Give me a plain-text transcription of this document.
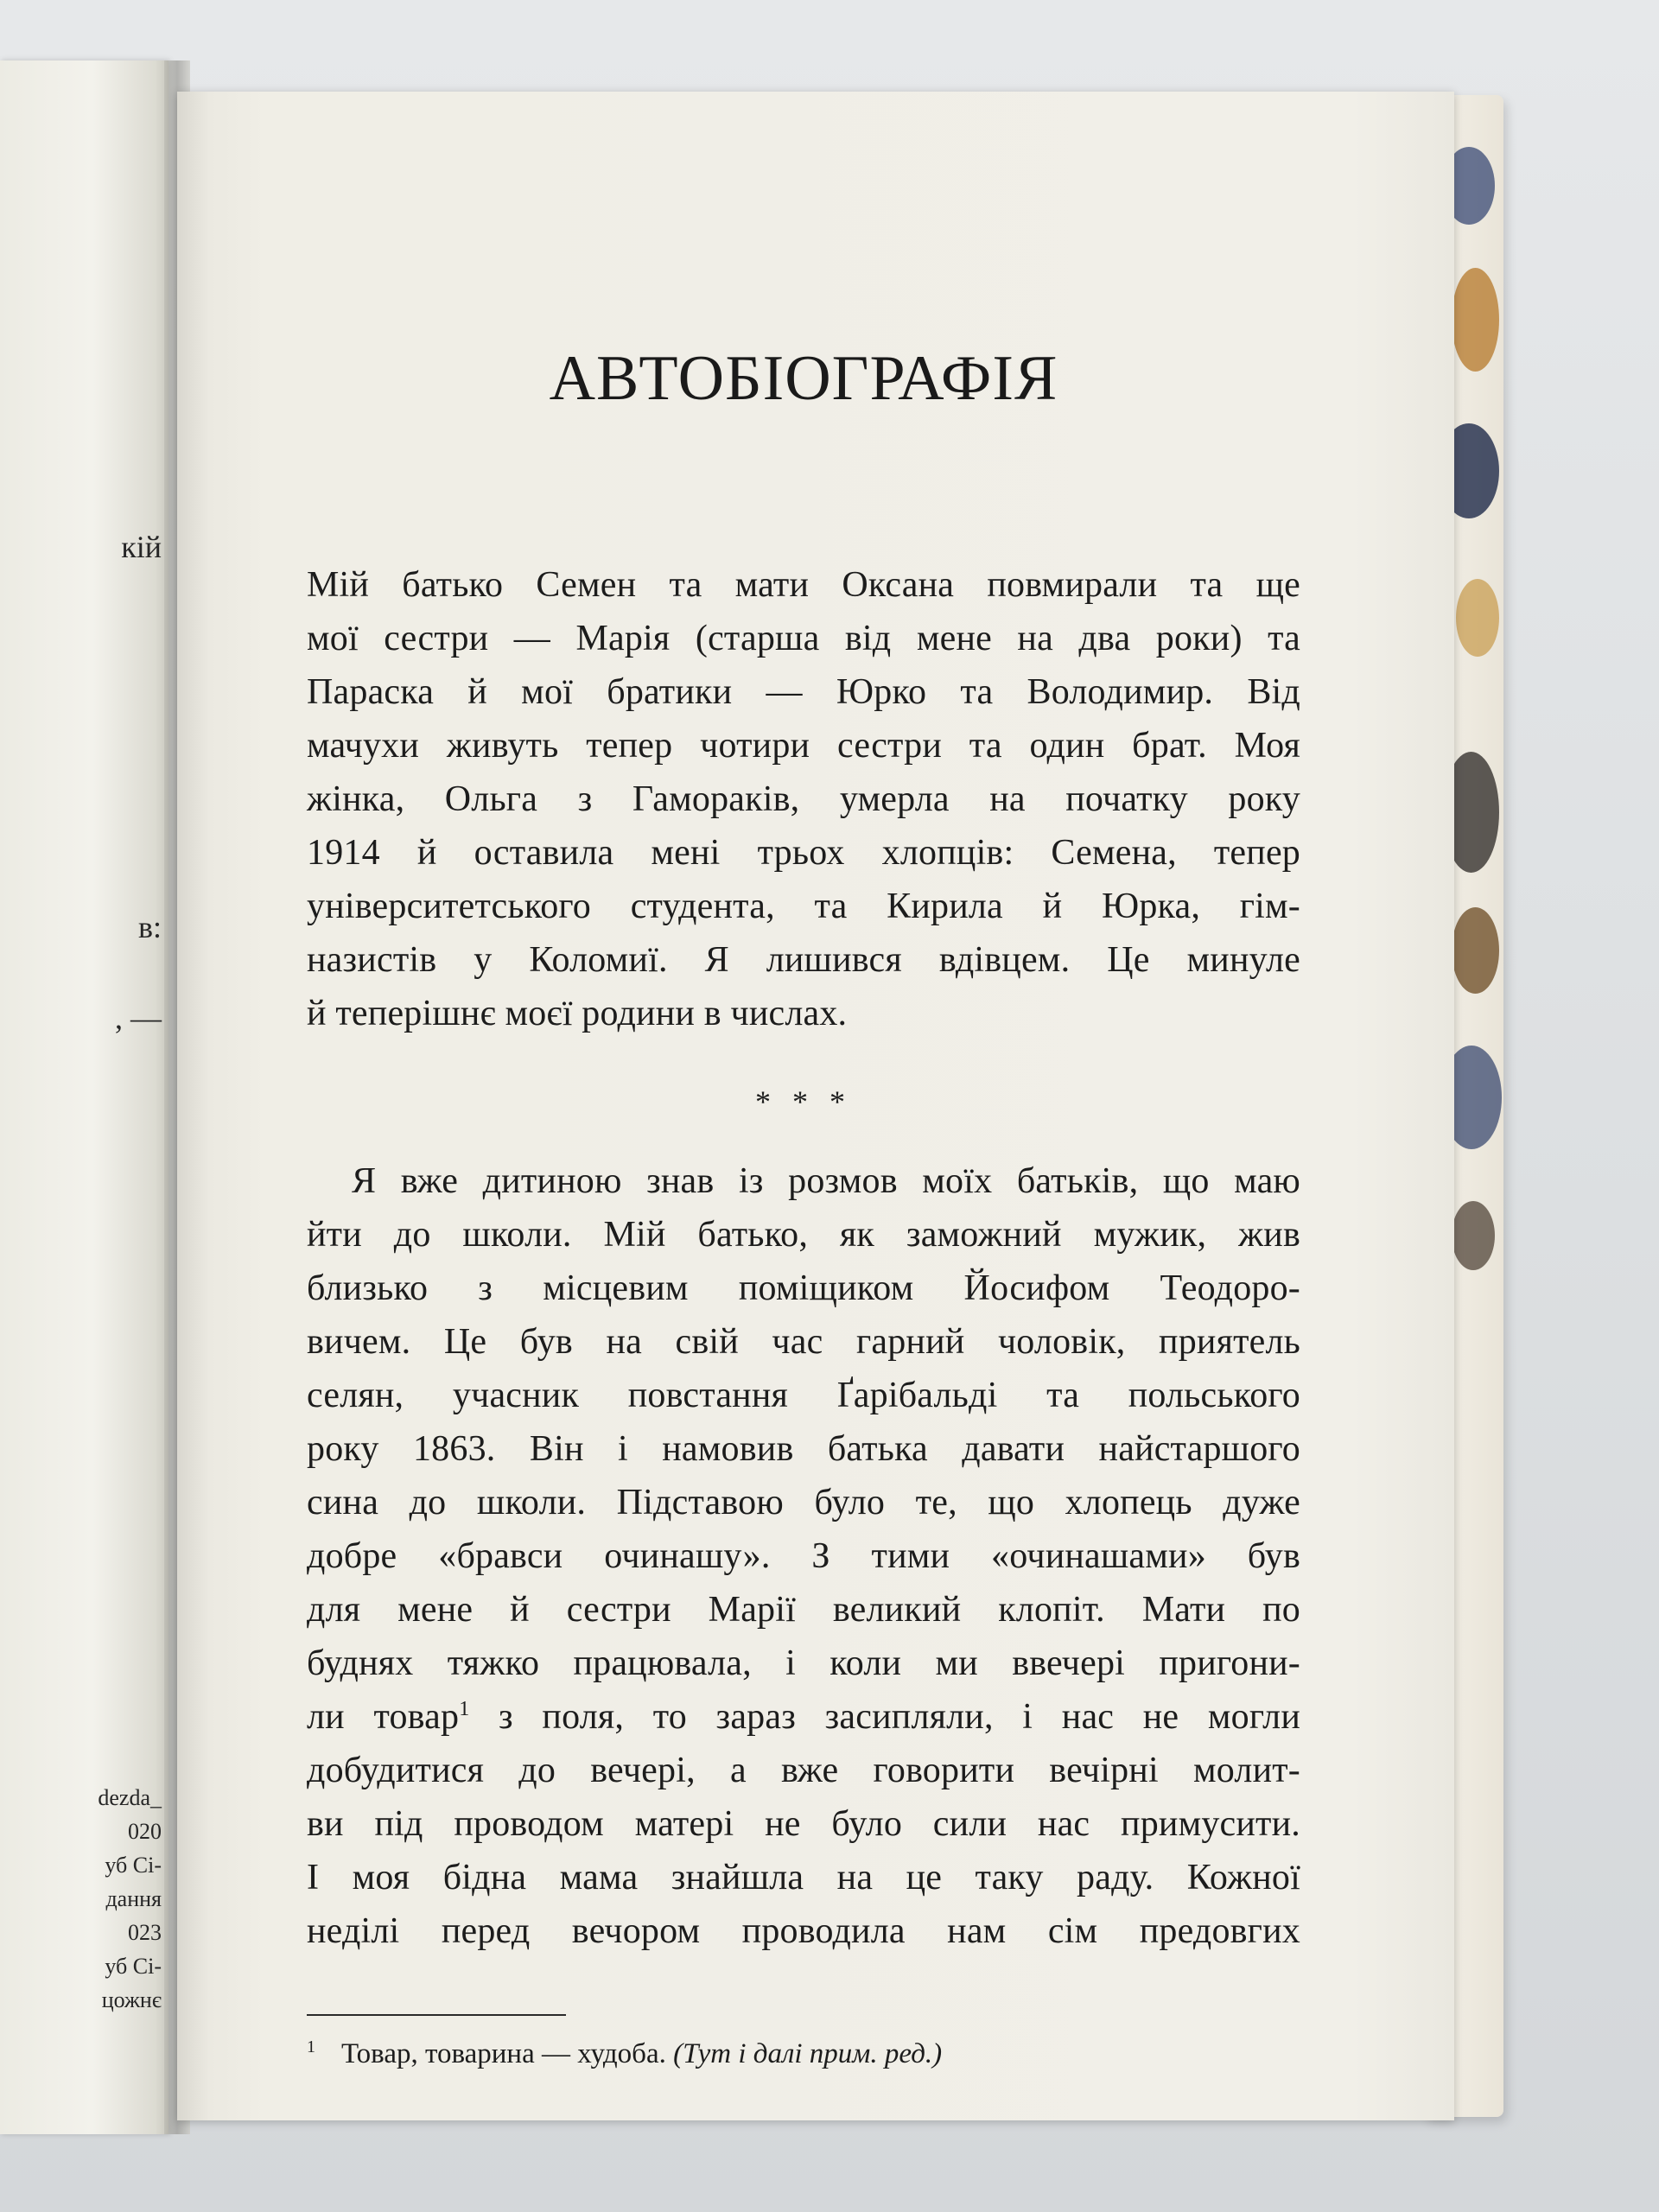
кій
в:
, —
dezda_
020
уб Сі-
дання
023
уб Сі-
цожнє
АВТОБІОГРАФІЯ
Мій батько Семен та мати Оксана повмирали та ще
мої сестри — Марія (старша від мене на два роки) та
Параска й мої братики — Юрко та Володимир. Від
мачухи живуть тепер чотири сестри та один брат. Моя
жінка, Ольга з Гамораків, умерла на початку року
1914 й оставила мені трьох хлопців: Семена, тепер
університетського студента, та Кирила й Юрка, гім-
назистів у Коломиї. Я лишився вдівцем. Це минуле
й теперішнє моєї родини в числах.
* * *
Я вже дитиною знав із розмов моїх батьків, що маю
йти до школи. Мій батько, як заможний мужик, жив
близько з місцевим поміщиком Йосифом Теодоро-
вичем. Це був на свій час гарний чоловік, приятель
селян, учасник повстання Ґарібальді та польського
року 1863. Він і намовив батька давати найстаршого
сина до школи. Підставою було те, що хлопець дуже
добре «бравси очинашу». З тими «очинашами» був
для мене й сестри Марії великий клопіт. Мати по
буднях тяжко працювала, і коли ми ввечері пригони-
ли товар$^1$ з поля, то зараз засипляли, і нас не могли
добудитися до вечері, а вже говорити вечірні молит-
ви під проводом матері не було сили нас примусити.
І моя бідна мама знайшла на це таку раду. Кожної
неділі перед вечором проводила нам сім предовгих
$^1$ Товар, товарина — худоба. (Тут і далі прим. ред.)
